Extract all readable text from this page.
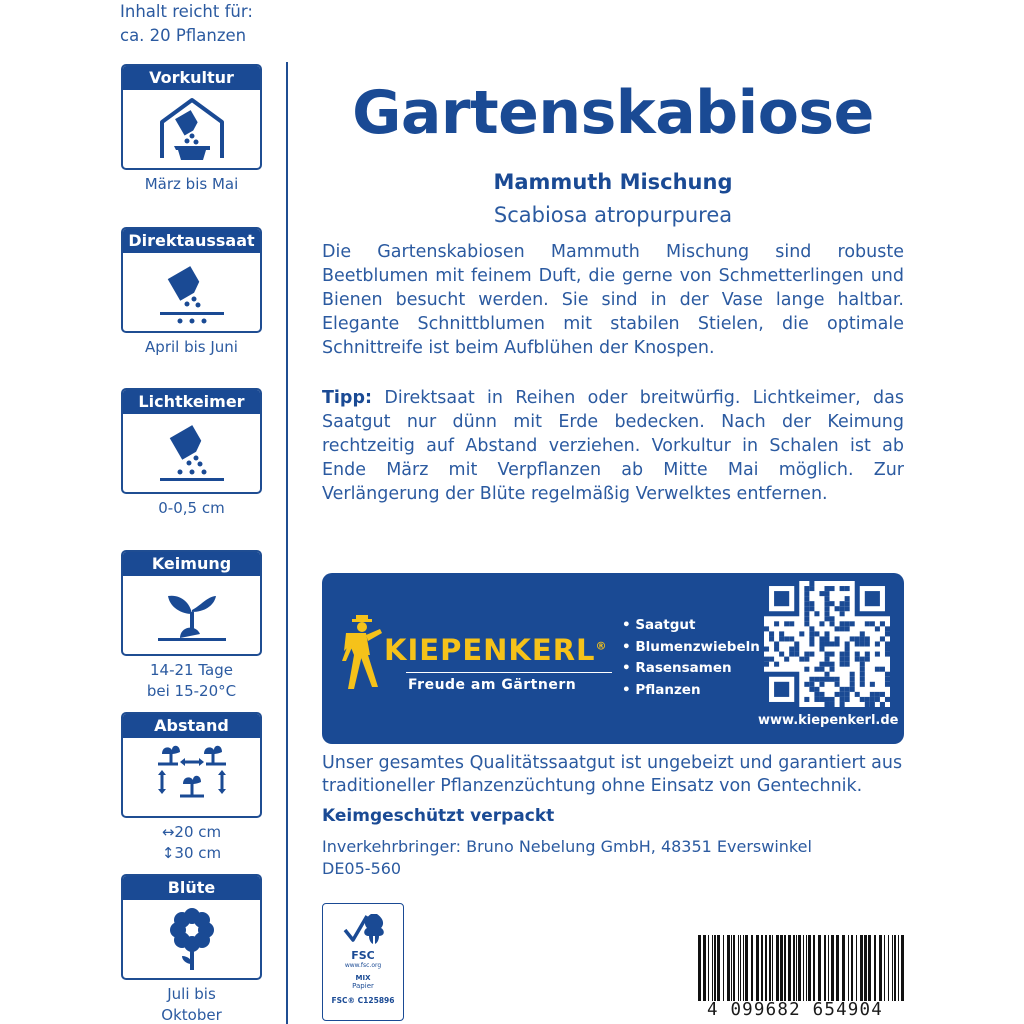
Inhalt reicht für:
ca. 20 Pflanzen
Vorkultur
März bis Mai
Direktaussaat
April bis Juni
Lichtkeimer
0-0,5 cm
Keimung
14-21 Tage
bei 15-20°C
Abstand
↔20 cm
↕30 cm
Blüte
Juli bis
Oktober
Gartenskabiose
Mammuth Mischung
Scabiosa atropurpurea
Die Gartenskabiosen Mammuth Mischung sind robuste Beetblumen mit feinem Duft, die gerne von Schmetterlingen und Bienen besucht werden. Sie sind in der Vase lange haltbar. Elegante Schnittblumen mit stabilen Stielen, die optimale Schnittreife ist beim Aufblühen der Knospen.
Tipp: Direktsaat in Reihen oder breitwürfig. Lichtkeimer, das Saatgut nur dünn mit Erde bedecken. Nach der Keimung rechtzeitig auf Abstand verziehen. Vorkultur in Schalen ist ab Ende März mit Verpflanzen ab Mitte Mai möglich. Zur Verlängerung der Blüte regelmäßig Verwelktes entfernen.
KIEPENKERL®
Freude am Gärtnern
• Saatgut
• Blumenzwiebeln
• Rasensamen
• Pflanzen
www.kiepenkerl.de
Unser gesamtes Qualitätssaatgut ist ungebeizt und garantiert aus traditioneller Pflanzenzüchtung ohne Einsatz von Gentechnik.
Keimgeschützt verpackt
Inverkehrbringer: Bruno Nebelung GmbH, 48351 Everswinkel
DE05-560
FSC
www.fsc.org
MIX
Papier
FSC® C125896	4 099682 654904
